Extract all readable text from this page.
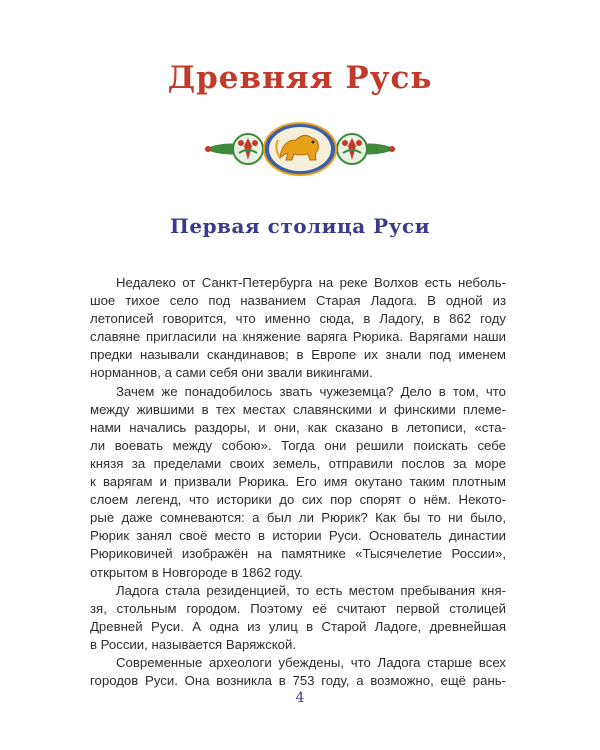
Древняя Русь
Первая столица Руси
Недалеко от Санкт-Петербурга на реке Волхов есть неболь-
шое тихое село под названием Старая Ладога. В одной из
летописей говорится, что именно сюда, в Ладогу, в 862 году
славяне пригласили на княжение варяга Рюрика. Варягами наши
предки называли скандинавов; в Европе их знали под именем
норманнов, а сами себя они звали викингами.
Зачем же понадобилось звать чужеземца? Дело в том, что
между жившими в тех местах славянскими и финскими племе-
нами начались раздоры, и они, как сказано в летописи, «ста-
ли воевать между собою». Тогда они решили поискать себе
князя за пределами своих земель, отправили послов за море
к варягам и призвали Рюрика. Его имя окутано таким плотным
слоем легенд, что историки до сих пор спорят о нём. Некото-
рые даже сомневаются: а был ли Рюрик? Как бы то ни было,
Рюрик занял своё место в истории Руси. Основатель династии
Рюриковичей изображён на памятнике «Тысячелетие России»,
открытом в Новгороде в 1862 году.
Ладога стала резиденцией, то есть местом пребывания кня-
зя, стольным городом. Поэтому её считают первой столицей
Древней Руси. А одна из улиц в Старой Ладоге, древнейшая
в России, называется Варяжской.
Современные археологи убеждены, что Ладога старше всех
городов Руси. Она возникла в 753 году, а возможно, ещё рань-
4
